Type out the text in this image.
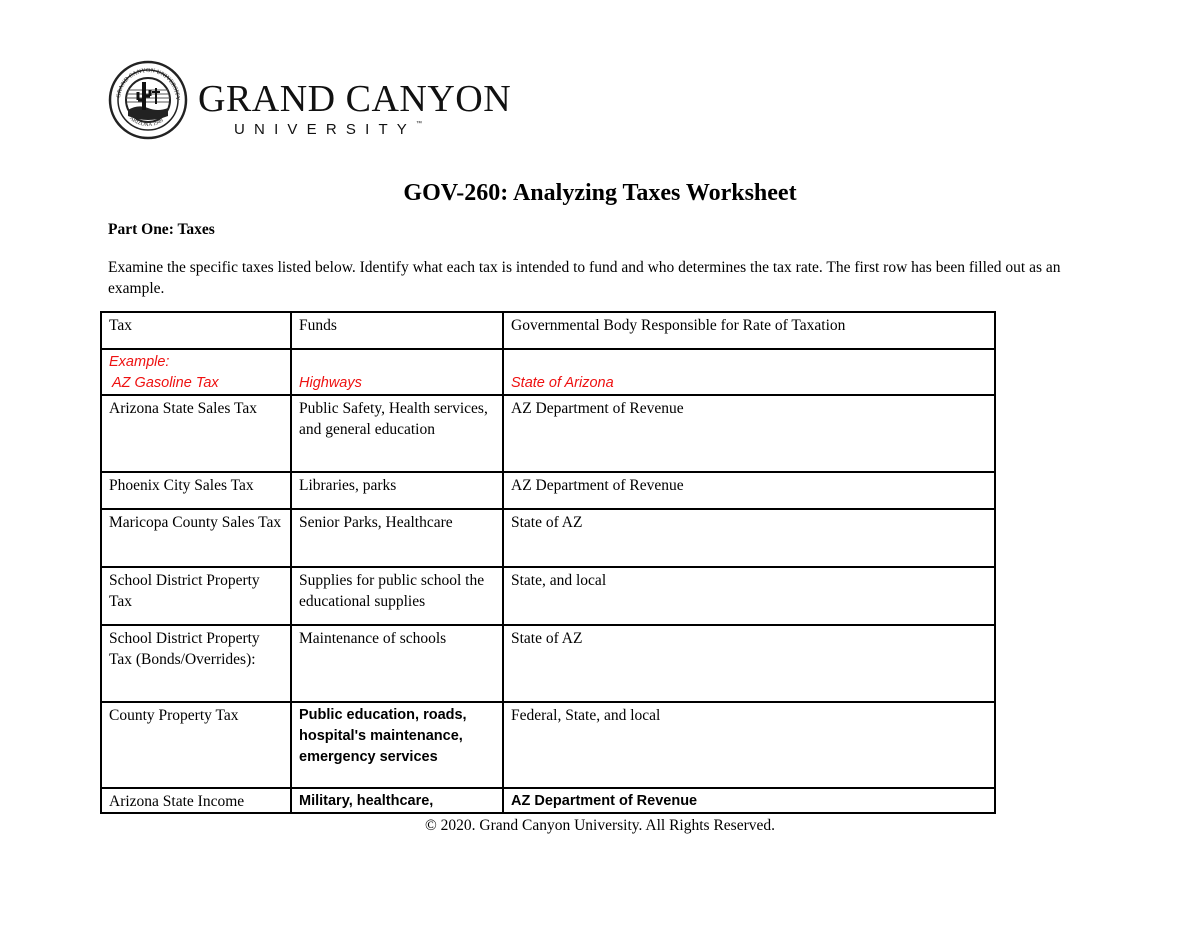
GRAND CANYON UNIVERSITY
ARIZONA 1949
GRAND CANYON
UNIVERSITY™
GOV-260: Analyzing Taxes Worksheet
Part One: Taxes
Examine the specific taxes listed below. Identify what each tax is intended to fund and who determines the tax rate. The first row has been filled out as an example.
Tax	Funds	Governmental Body Responsible for Rate of Taxation

Example:
AZ Gasoline Tax	Highways	State of Arizona
Arizona State Sales Tax	Public Safety, Health services, and general education	AZ Department of Revenue
Phoenix City Sales Tax	Libraries, parks	AZ Department of Revenue
Maricopa County Sales Tax	Senior Parks, Healthcare	State of AZ
School District Property Tax	Supplies for public school the educational supplies	State, and local
School District Property Tax (Bonds/Overrides):	Maintenance of schools	State of AZ
County Property Tax	Public education, roads, hospital's maintenance, emergency services	Federal, State, and local
Arizona State Income	Military, healthcare,	AZ Department of Revenue
© 2020. Grand Canyon University. All Rights Reserved.
